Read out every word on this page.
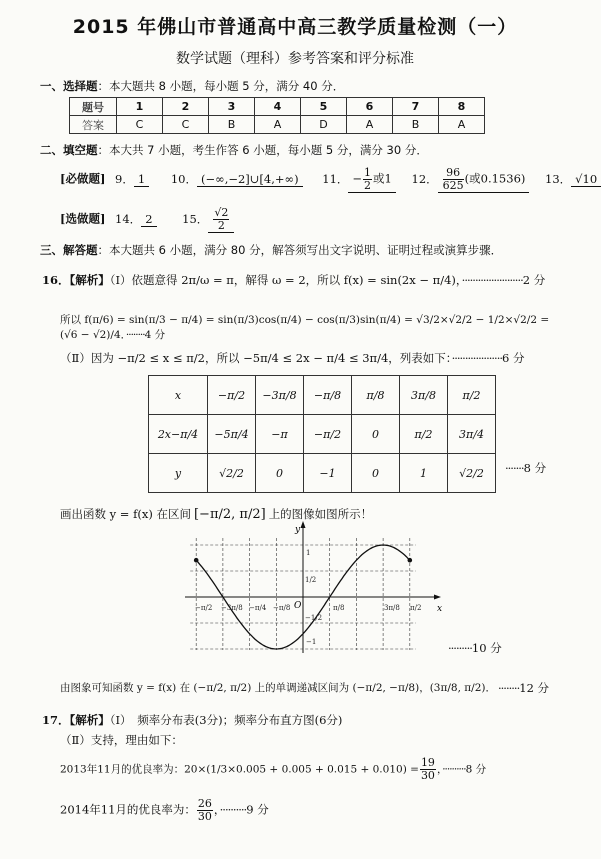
2015 年佛山市普通高中高三教学质量检测（一）
数学试题（理科）参考答案和评分标准
一、选择题：本大题共 8 小题，每小题 5 分，满分 40 分．
题号	1	2	3	4	5	6	7	8
答案	C	C	B	A	D	A	B	A
二、填空题：本大共 7 小题，考生作答 6 小题，每小题 5 分，满分 30 分．
[必做题] 9． 1 10． (−∞,−2]∪[4,+∞) 11． − $\frac{1}{2}$ 或1 12． $\frac{96}{625}$ (或0.1536) 13． √10
[选做题] 14． 2	15． $\frac{√2}{2}$
三、解答题：本大题共 6 小题，满分 80 分，解答须写出文字说明、证明过程或演算步骤．
16．【解析】（Ⅰ）依题意得 2π/ω = π，解得 ω = 2，所以 f(x) = sin(2x − π/4)，·······················2 分
所以 f(π/6) = sin(π/3 − π/4) = sin(π/3)cos(π/4) − cos(π/3)sin(π/4) = √3/2×√2/2 − 1/2×√2/2 = (√6 − √2)/4．········4 分
（Ⅱ）因为 −π/2 ≤ x ≤ π/2，所以 −5π/4 ≤ 2x − π/4 ≤ 3π/4，列表如下：···················6 分
x	−π/2	−3π/8	−π/8	π/8	3π/8	π/2
2x−π/4	−5π/4	−π	−π/2	0	π/2	3π/4
y	√2/2	0	−1	0	1	√2/2 ·······8 分
画出函数 y = f(x) 在区间 [−π/2, π/2] 上的图像如图所示！
x
y
O
−π/2 −3π/8 −π/4 −π/8	π/8	3π/8 π/2
1
1/2
−1/2
−1	·········10 分
由图象可知函数 y = f(x) 在 (−π/2, π/2) 上的单调递减区间为 (−π/2, −π/8)，(3π/8, π/2)． ········12 分
17．【解析】（Ⅰ）　频率分布表(3分)；频率分布直方图(6分)
（Ⅱ）支持，理由如下：
2013年11月的优良率为：$20\times(1/3\times 0.005 + 0.005 + 0.015 + 0.010) = \frac{19}{30}$ ，··········8 分
2014年11月的优良率为： $\frac{26}{30}$ ，··········9 分
